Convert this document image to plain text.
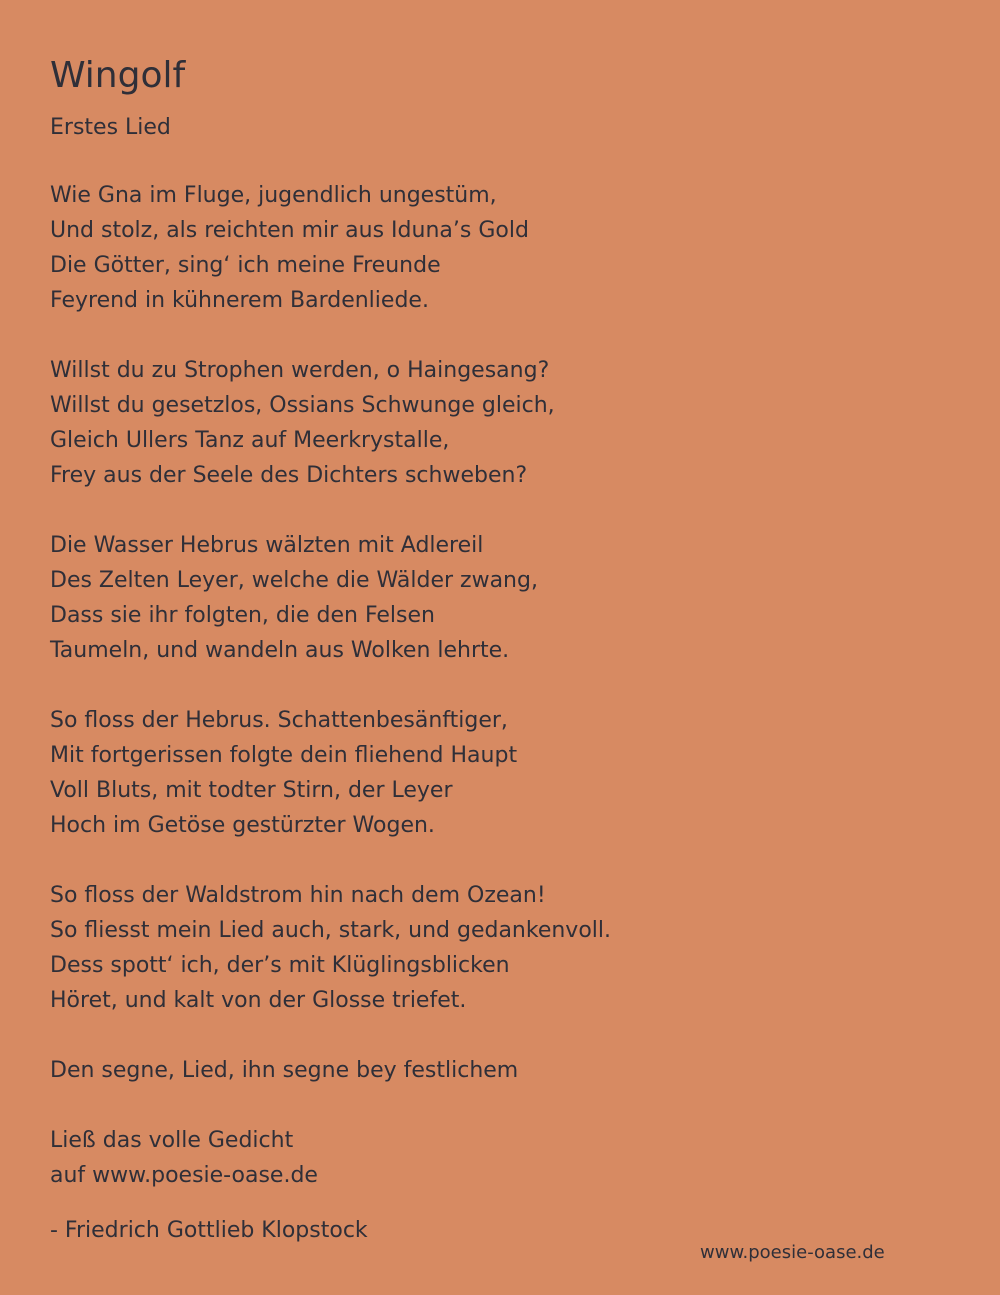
Wingolf
Erstes Lied
Wie Gna im Fluge, jugendlich ungestüm,
Und stolz, als reichten mir aus Iduna’s Gold
Die Götter, sing‘ ich meine Freunde
Feyrend in kühnerem Bardenliede.
Willst du zu Strophen werden, o Haingesang?
Willst du gesetzlos, Ossians Schwunge gleich,
Gleich Ullers Tanz auf Meerkrystalle,
Frey aus der Seele des Dichters schweben?
Die Wasser Hebrus wälzten mit Adlereil
Des Zelten Leyer, welche die Wälder zwang,
Dass sie ihr folgten, die den Felsen
Taumeln, und wandeln aus Wolken lehrte.
So floss der Hebrus. Schattenbesänftiger,
Mit fortgerissen folgte dein fliehend Haupt
Voll Bluts, mit todter Stirn, der Leyer
Hoch im Getöse gestürzter Wogen.
So floss der Waldstrom hin nach dem Ozean!
So fliesst mein Lied auch, stark, und gedankenvoll.
Dess spott‘ ich, der’s mit Klüglingsblicken
Höret, und kalt von der Glosse triefet.
Den segne, Lied, ihn segne bey festlichem
Ließ das volle Gedicht
auf www.poesie-oase.de
- Friedrich Gottlieb Klopstock
www.poesie-oase.de
